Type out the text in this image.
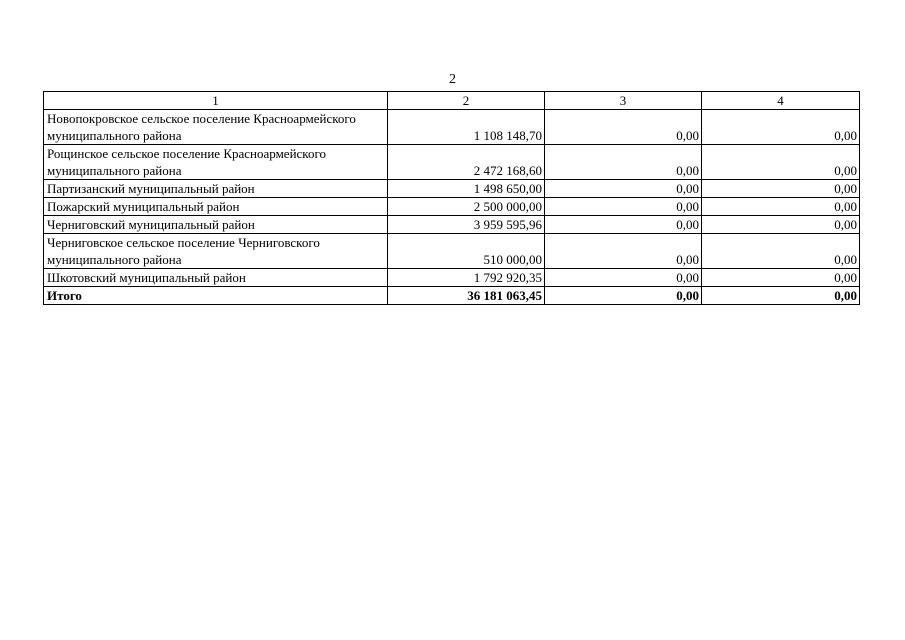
2
1	2	3	4
Новопокровское сельское поселение Красноармейского муниципального района	1 108 148,70	0,00	0,00
Рощинское сельское поселение Красноармейского муниципального района	2 472 168,60	0,00	0,00
Партизанский муниципальный район	1 498 650,00	0,00	0,00
Пожарский муниципальный район	2 500 000,00	0,00	0,00
Черниговский муниципальный район	3 959 595,96	0,00	0,00
Черниговское сельское поселение Черниговского муниципального района	510 000,00	0,00	0,00
Шкотовский муниципальный район	1 792 920,35	0,00	0,00
Итого	36 181 063,45	0,00	0,00
